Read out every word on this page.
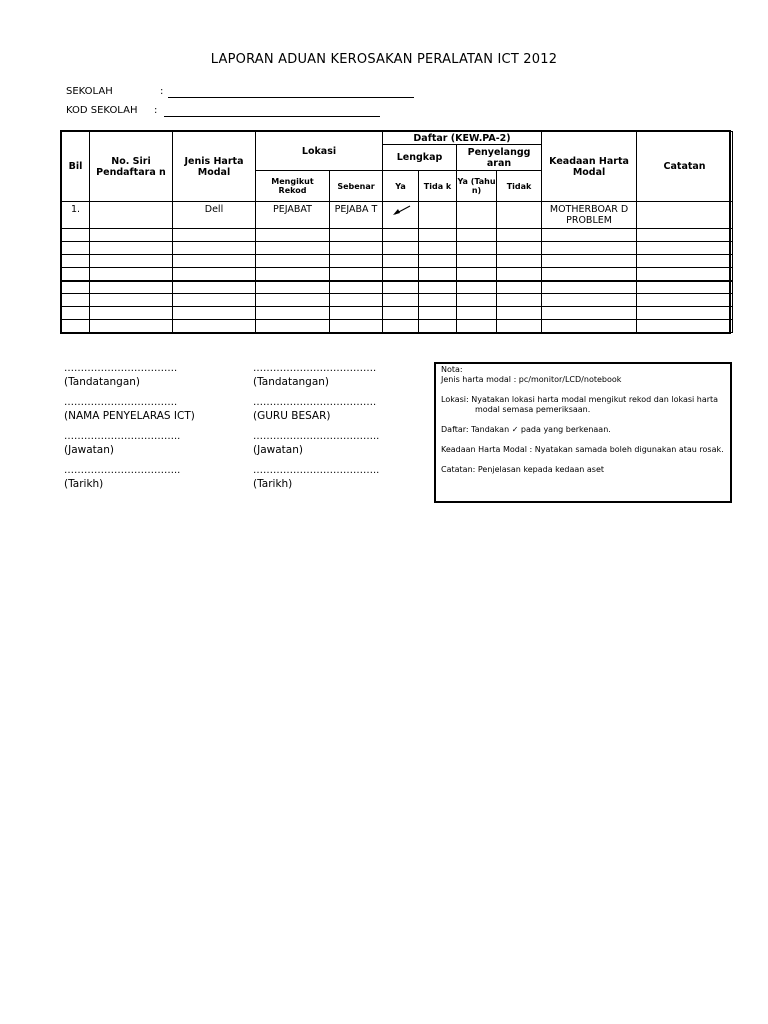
LAPORAN ADUAN KEROSAKAN PERALATAN ICT 2012
SEKOLAH	:
KOD SEKOLAH :
Bil	No. Siri Pendaftara n	Jenis Harta Modal	Lokasi		Daftar (KEW.PA-2)				Keadaan Harta Modal	Catatan
					Lengkap		Penyelangg aran			
			Mengikut Rekod	Sebenar	Ya	Tida k	Ya (Tahu n)	Tidak		
1.		Dell	PEJABAT	PEJABA T					MOTHERBOAR D PROBLEM	

…………………………….
(Tandatangan)
…………………………….
(NAMA PENYELARAS ICT)
……………………………..
(Jawatan)
……………………………..
(Tarikh)
……………………………….
(Tandatangan)
……………………………….
(GURU BESAR)
………………………………..
(Jawatan)
………………………………..
(Tarikh)

Nota:

Jenis harta modal : pc/monitor/LCD/notebook

Lokasi: Nyatakan lokasi harta modal mengikut rekod dan lokasi harta

modal semasa pemeriksaan.

Daftar: Tandakan ✓ pada yang berkenaan.

Keadaan Harta Modal : Nyatakan samada boleh digunakan atau rosak.

Catatan: Penjelasan kepada kedaan aset
